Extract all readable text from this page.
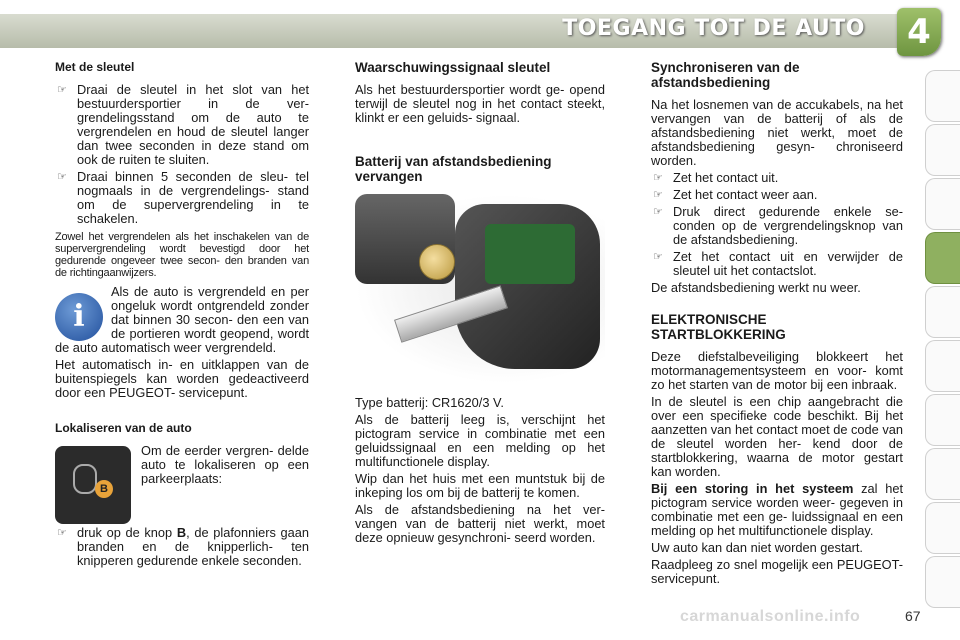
TOEGANG TOT DE AUTO 4
Met de sleutel
☞ Draai de sleutel in het slot van het bestuurdersportier in de ver- grendelingsstand om de auto te vergrendelen en houd de sleutel langer dan twee seconden in deze stand om ook de ruiten te sluiten.
☞ Draai binnen 5 seconden de sleu- tel nogmaals in de vergrendelings- stand om de supervergrendeling in te schakelen.

Zowel het vergrendelen als het inschakelen van de supervergrendeling wordt bevestigd door het gedurende ongeveer twee secon- den branden van de richtingaanwijzers.

i

Als de auto is vergrendeld en per ongeluk wordt ontgrendeld zonder dat binnen 30 secon- den een van de portieren wordt geopend, wordt de auto automatisch weer vergrendeld.

Het automatisch in- en uitklappen van de buitenspiegels kan worden gedeactiveerd door een PEUGEOT- servicepunt.

Lokaliseren van de auto
B

Om de eerder vergren- delde auto te lokaliseren op een parkeerplaats:

☞ druk op de knop B, de plafonniers gaan branden en de knipperlich- ten knipperen gedurende enkele seconden.
Waarschuwingssignaal sleutel

Als het bestuurdersportier wordt ge- opend terwijl de sleutel nog in het contact steekt, klinkt er een geluids- signaal.

Batterij van afstandsbediening vervangen

Type batterij: CR1620/3 V.

Als de batterij leeg is, verschijnt het pictogram service in combinatie met een geluidssignaal en een melding op het multifunctionele display.

Wip dan het huis met een muntstuk bij de inkeping los om bij de batterij te komen.

Als de afstandsbediening na het ver- vangen van de batterij niet werkt, moet deze opnieuw gesynchroni- seerd worden.

Synchroniseren van de afstandsbediening

Na het losnemen van de accukabels, na het vervangen van de batterij of als de afstandsbediening niet werkt, moet de afstandsbediening gesyn- chroniseerd worden.

☞ Zet het contact uit.
☞ Zet het contact weer aan.
☞ Druk direct gedurende enkele se- conden op de vergrendelingsknop van de afstandsbediening.
☞ Zet het contact uit en verwijder de sleutel uit het contactslot.

De afstandsbediening werkt nu weer.

ELEKTRONISCHE STARTBLOKKERING

Deze diefstalbeveiliging blokkeert het motormanagementsysteem en voor- komt zo het starten van de motor bij een inbraak.

In de sleutel is een chip aangebracht die over een specifieke code beschikt. Bij het aanzetten van het contact moet de code van de sleutel worden her- kend door de startblokkering, waarna de motor gestart kan worden.

Bij een storing in het systeem zal het pictogram service worden weer- gegeven in combinatie met een ge- luidssignaal en een melding op het multifunctionele display.

Uw auto kan dan niet worden gestart.

Raadpleeg zo snel mogelijk een PEUGEOT-servicepunt.

carmanualsonline.info	67
